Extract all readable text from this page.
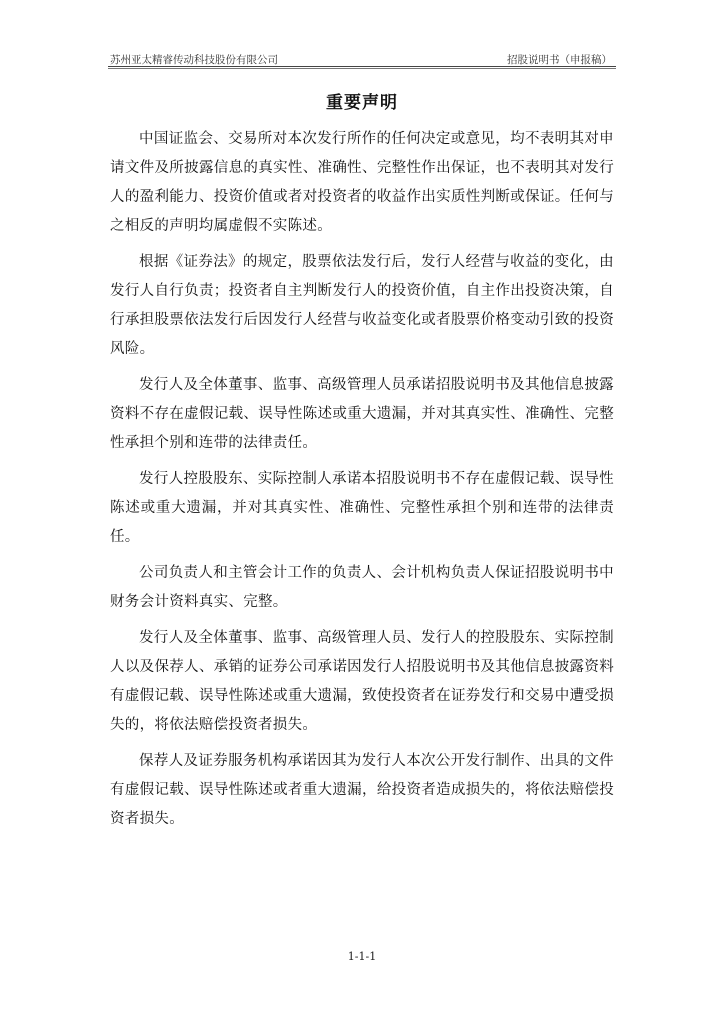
苏州亚太精睿传动科技股份有限公司	招股说明书（申报稿）
重要声明

中国证监会、交易所对本次发行所作的任何决定或意见，均不表明其对申请文件及所披露信息的真实性、准确性、完整性作出保证，也不表明其对发行人的盈利能力、投资价值或者对投资者的收益作出实质性判断或保证。任何与之相反的声明均属虚假不实陈述。

根据《证券法》的规定，股票依法发行后，发行人经营与收益的变化，由发行人自行负责；投资者自主判断发行人的投资价值，自主作出投资决策，自行承担股票依法发行后因发行人经营与收益变化或者股票价格变动引致的投资风险。

发行人及全体董事、监事、高级管理人员承诺招股说明书及其他信息披露资料不存在虚假记载、误导性陈述或重大遗漏，并对其真实性、准确性、完整性承担个别和连带的法律责任。

发行人控股股东、实际控制人承诺本招股说明书不存在虚假记载、误导性陈述或重大遗漏，并对其真实性、准确性、完整性承担个别和连带的法律责任。

公司负责人和主管会计工作的负责人、会计机构负责人保证招股说明书中财务会计资料真实、完整。

发行人及全体董事、监事、高级管理人员、发行人的控股股东、实际控制人以及保荐人、承销的证券公司承诺因发行人招股说明书及其他信息披露资料有虚假记载、误导性陈述或重大遗漏，致使投资者在证券发行和交易中遭受损失的，将依法赔偿投资者损失。

保荐人及证券服务机构承诺因其为发行人本次公开发行制作、出具的文件有虚假记载、误导性陈述或者重大遗漏，给投资者造成损失的，将依法赔偿投资者损失。

1-1-1
